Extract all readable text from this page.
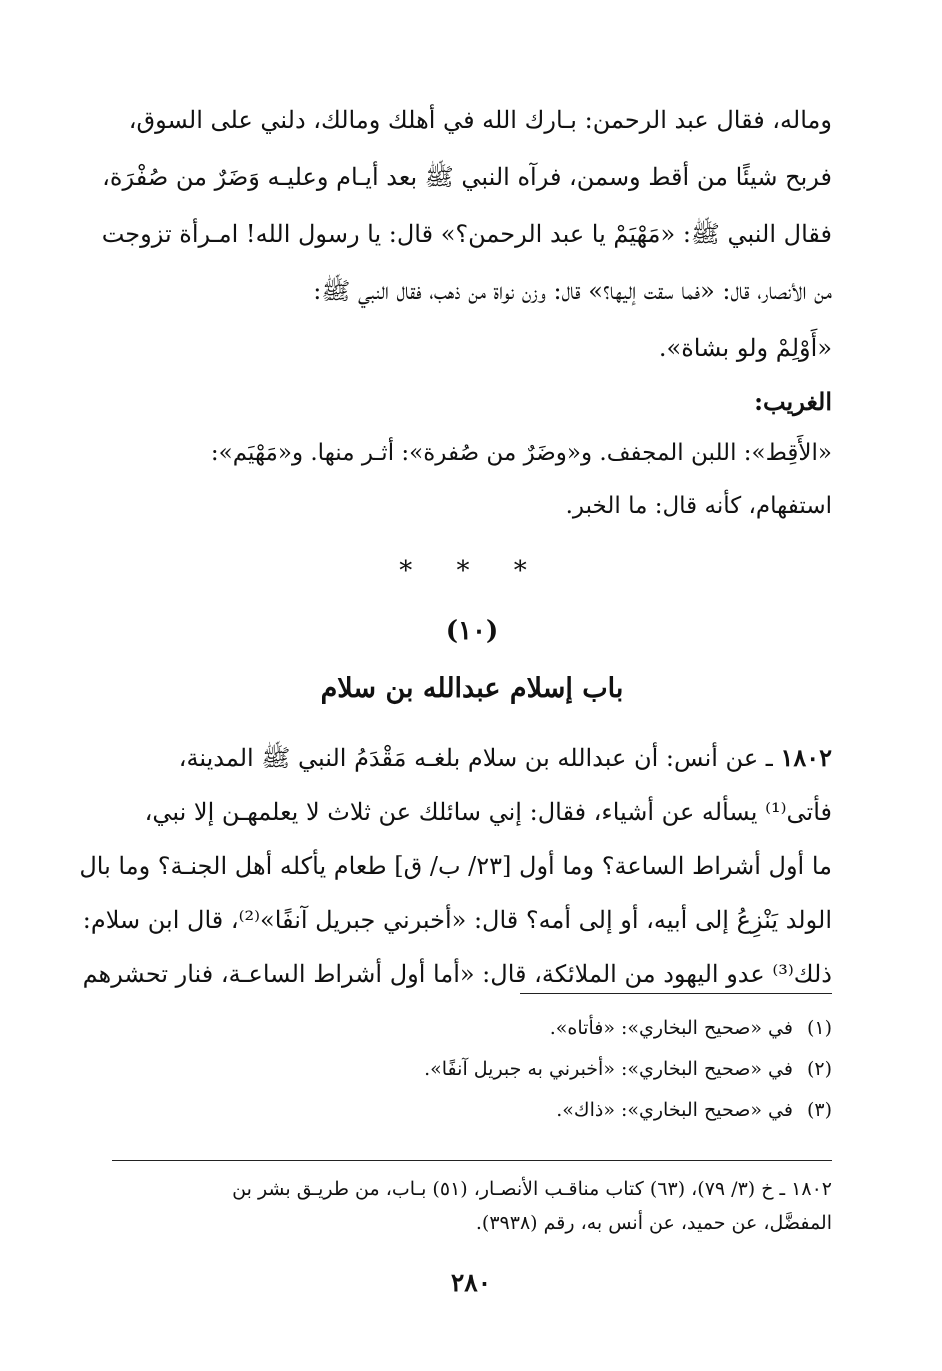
وماله، فقال عبد الرحمن: بـارك الله في أهلك ومالك، دلني على السوق،
فربح شيئًا من أقط وسمن، فرآه النبي ﷺ بعد أيـام وعليـه وَضَرٌ من صُفْرَة،
فقال النبي ﷺ: «مَهْيَمْ يا عبد الرحمن؟» قال: يا رسول الله! امـرأة تزوجت
من الأنصار، قال: «فما سقت إليها؟» قال: وزن نواة من ذهب، فقال النبي ﷺ:
«أَوْلِمْ ولو بشاة».
الغريب:
«الأَقِط»: اللبن المجفف. و«وضَرٌ من صُفرة»: أثـر منها. و«مَهْيَم»:
استفهام، كأنه قال: ما الخبر.
* * *
(١٠)
باب إسلام عبدالله بن سلام
١٨٠٢ ـ عن أنس: أن عبدالله بن سلام بلغـه مَقْدَمُ النبي ﷺ المدينة،
فأتى⁽¹⁾ يسأله عن أشياء، فقال: إني سائلك عن ثلاث لا يعلمهـن إلا نبي،
ما أول أشراط الساعة؟ وما أول [٢٣/ ب/ ق] طعام يأكله أهل الجنـة؟ وما بال
الولد يَنْزِعُ إلى أبيه، أو إلى أمه؟ قال: «أخبرني جبريل آنفًا»⁽²⁾، قال ابن سلام:
ذلك⁽³⁾ عدو اليهود من الملائكة، قال: «أما أول أشراط الساعـة، فنار تحشرهم
(١)في «صحيح البخاري»: «فأتاه».
(٢)في «صحيح البخاري»: «أخبرني به جبريل آنفًا».
(٣)في «صحيح البخاري»: «ذاك».
١٨٠٢ ـ خ (٣/ ٧٩)، (٦٣) كتاب مناقـب الأنصـار، (٥١) بـاب، من طريـق بشر بن
المفضَّل، عن حميد، عن أنس به، رقم (٣٩٣٨).
٢٨٠
